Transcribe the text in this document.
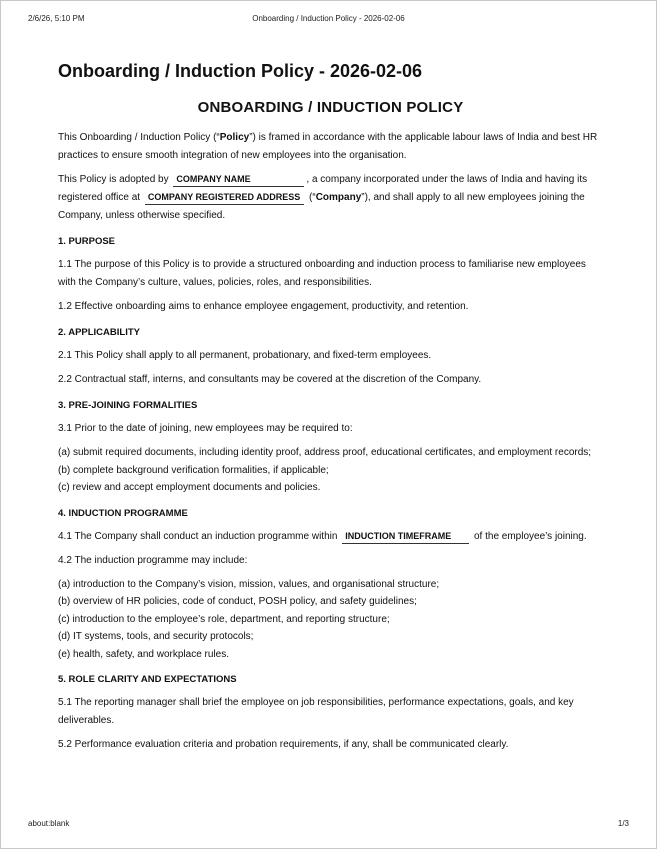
2/6/26, 5:10 PM	Onboarding / Induction Policy - 2026-02-06
Onboarding / Induction Policy - 2026-02-06
ONBOARDING / INDUCTION POLICY

This Onboarding / Induction Policy (“Policy”) is framed in accordance with the applicable labour laws of India and best HR practices to ensure smooth integration of new employees into the organisation.

This Policy is adopted by COMPANY NAME	, a company incorporated under the laws of India and having its registered office at COMPANY REGISTERED ADDRESS (“Company”), and shall apply to all new employees joining the Company, unless otherwise specified.

1. PURPOSE

1.1 The purpose of this Policy is to provide a structured onboarding and induction process to familiarise new employees with the Company’s culture, values, policies, roles, and responsibilities.

1.2 Effective onboarding aims to enhance employee engagement, productivity, and retention.

2. APPLICABILITY

2.1 This Policy shall apply to all permanent, probationary, and fixed-term employees.

2.2 Contractual staff, interns, and consultants may be covered at the discretion of the Company.

3. PRE-JOINING FORMALITIES

3.1 Prior to the date of joining, new employees may be required to:

(a) submit required documents, including identity proof, address proof, educational certificates, and employment records;

(b) complete background verification formalities, if applicable;

(c) review and accept employment documents and policies.

4. INDUCTION PROGRAMME

4.1 The Company shall conduct an induction programme within INDUCTION TIMEFRAME of the employee’s joining.

4.2 The induction programme may include:

(a) introduction to the Company’s vision, mission, values, and organisational structure;

(b) overview of HR policies, code of conduct, POSH policy, and safety guidelines;

(c) introduction to the employee’s role, department, and reporting structure;

(d) IT systems, tools, and security protocols;

(e) health, safety, and workplace rules.

5. ROLE CLARITY AND EXPECTATIONS

5.1 The reporting manager shall brief the employee on job responsibilities, performance expectations, goals, and key deliverables.

5.2 Performance evaluation criteria and probation requirements, if any, shall be communicated clearly.

about:blank	1/3
